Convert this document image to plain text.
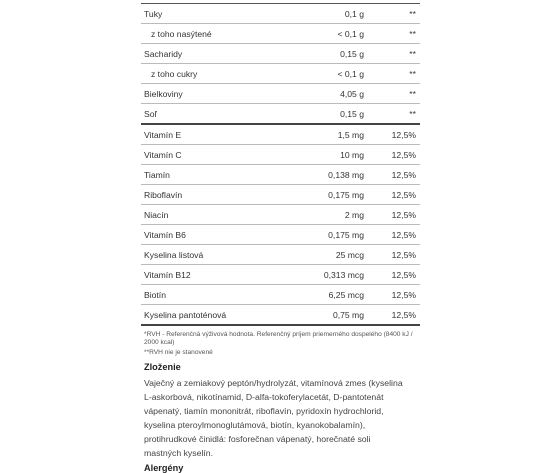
Tuky	0,1 g	**
z toho nasýtené	< 0,1 g	**
Sacharidy	0,15 g	**
z toho cukry	< 0,1 g	**
Bielkoviny	4,05 g	**
Soľ	0,15 g	**
Vitamín E	1,5 mg	12,5%
Vitamín C	10 mg	12,5%
Tiamín	0,138 mg	12,5%
Riboflavín	0,175 mg	12,5%
Niacín	2 mg	12,5%
Vitamín B6	0,175 mg	12,5%
Kyselina listová	25 mcg	12,5%
Vitamín B12	0,313 mcg	12,5%
Biotín	6,25 mcg	12,5%
Kyselina pantoténová	0,75 mg	12,5%
*RVH - Referenčná výživová hodnota. Referenčný príjem priemerného dospelého (8400 kJ / 2000 kcal)
**RVH nie je stanovené
Zloženie
Vaječný a zemiakový peptón/hydrolyzát, vitamínová zmes (kyselina
L-askorbová, nikotínamid, D-alfa-tokoferylacetát, D-pantotenát
vápenatý, tiamín mononitrát, riboflavín, pyridoxín hydrochlorid,
kyselina pteroylmonoglutámová, biotín, kyanokobalamín),
protihrudkové činidlá: fosforečnan vápenatý, horečnaté soli
mastných kyselín.
Alergény
